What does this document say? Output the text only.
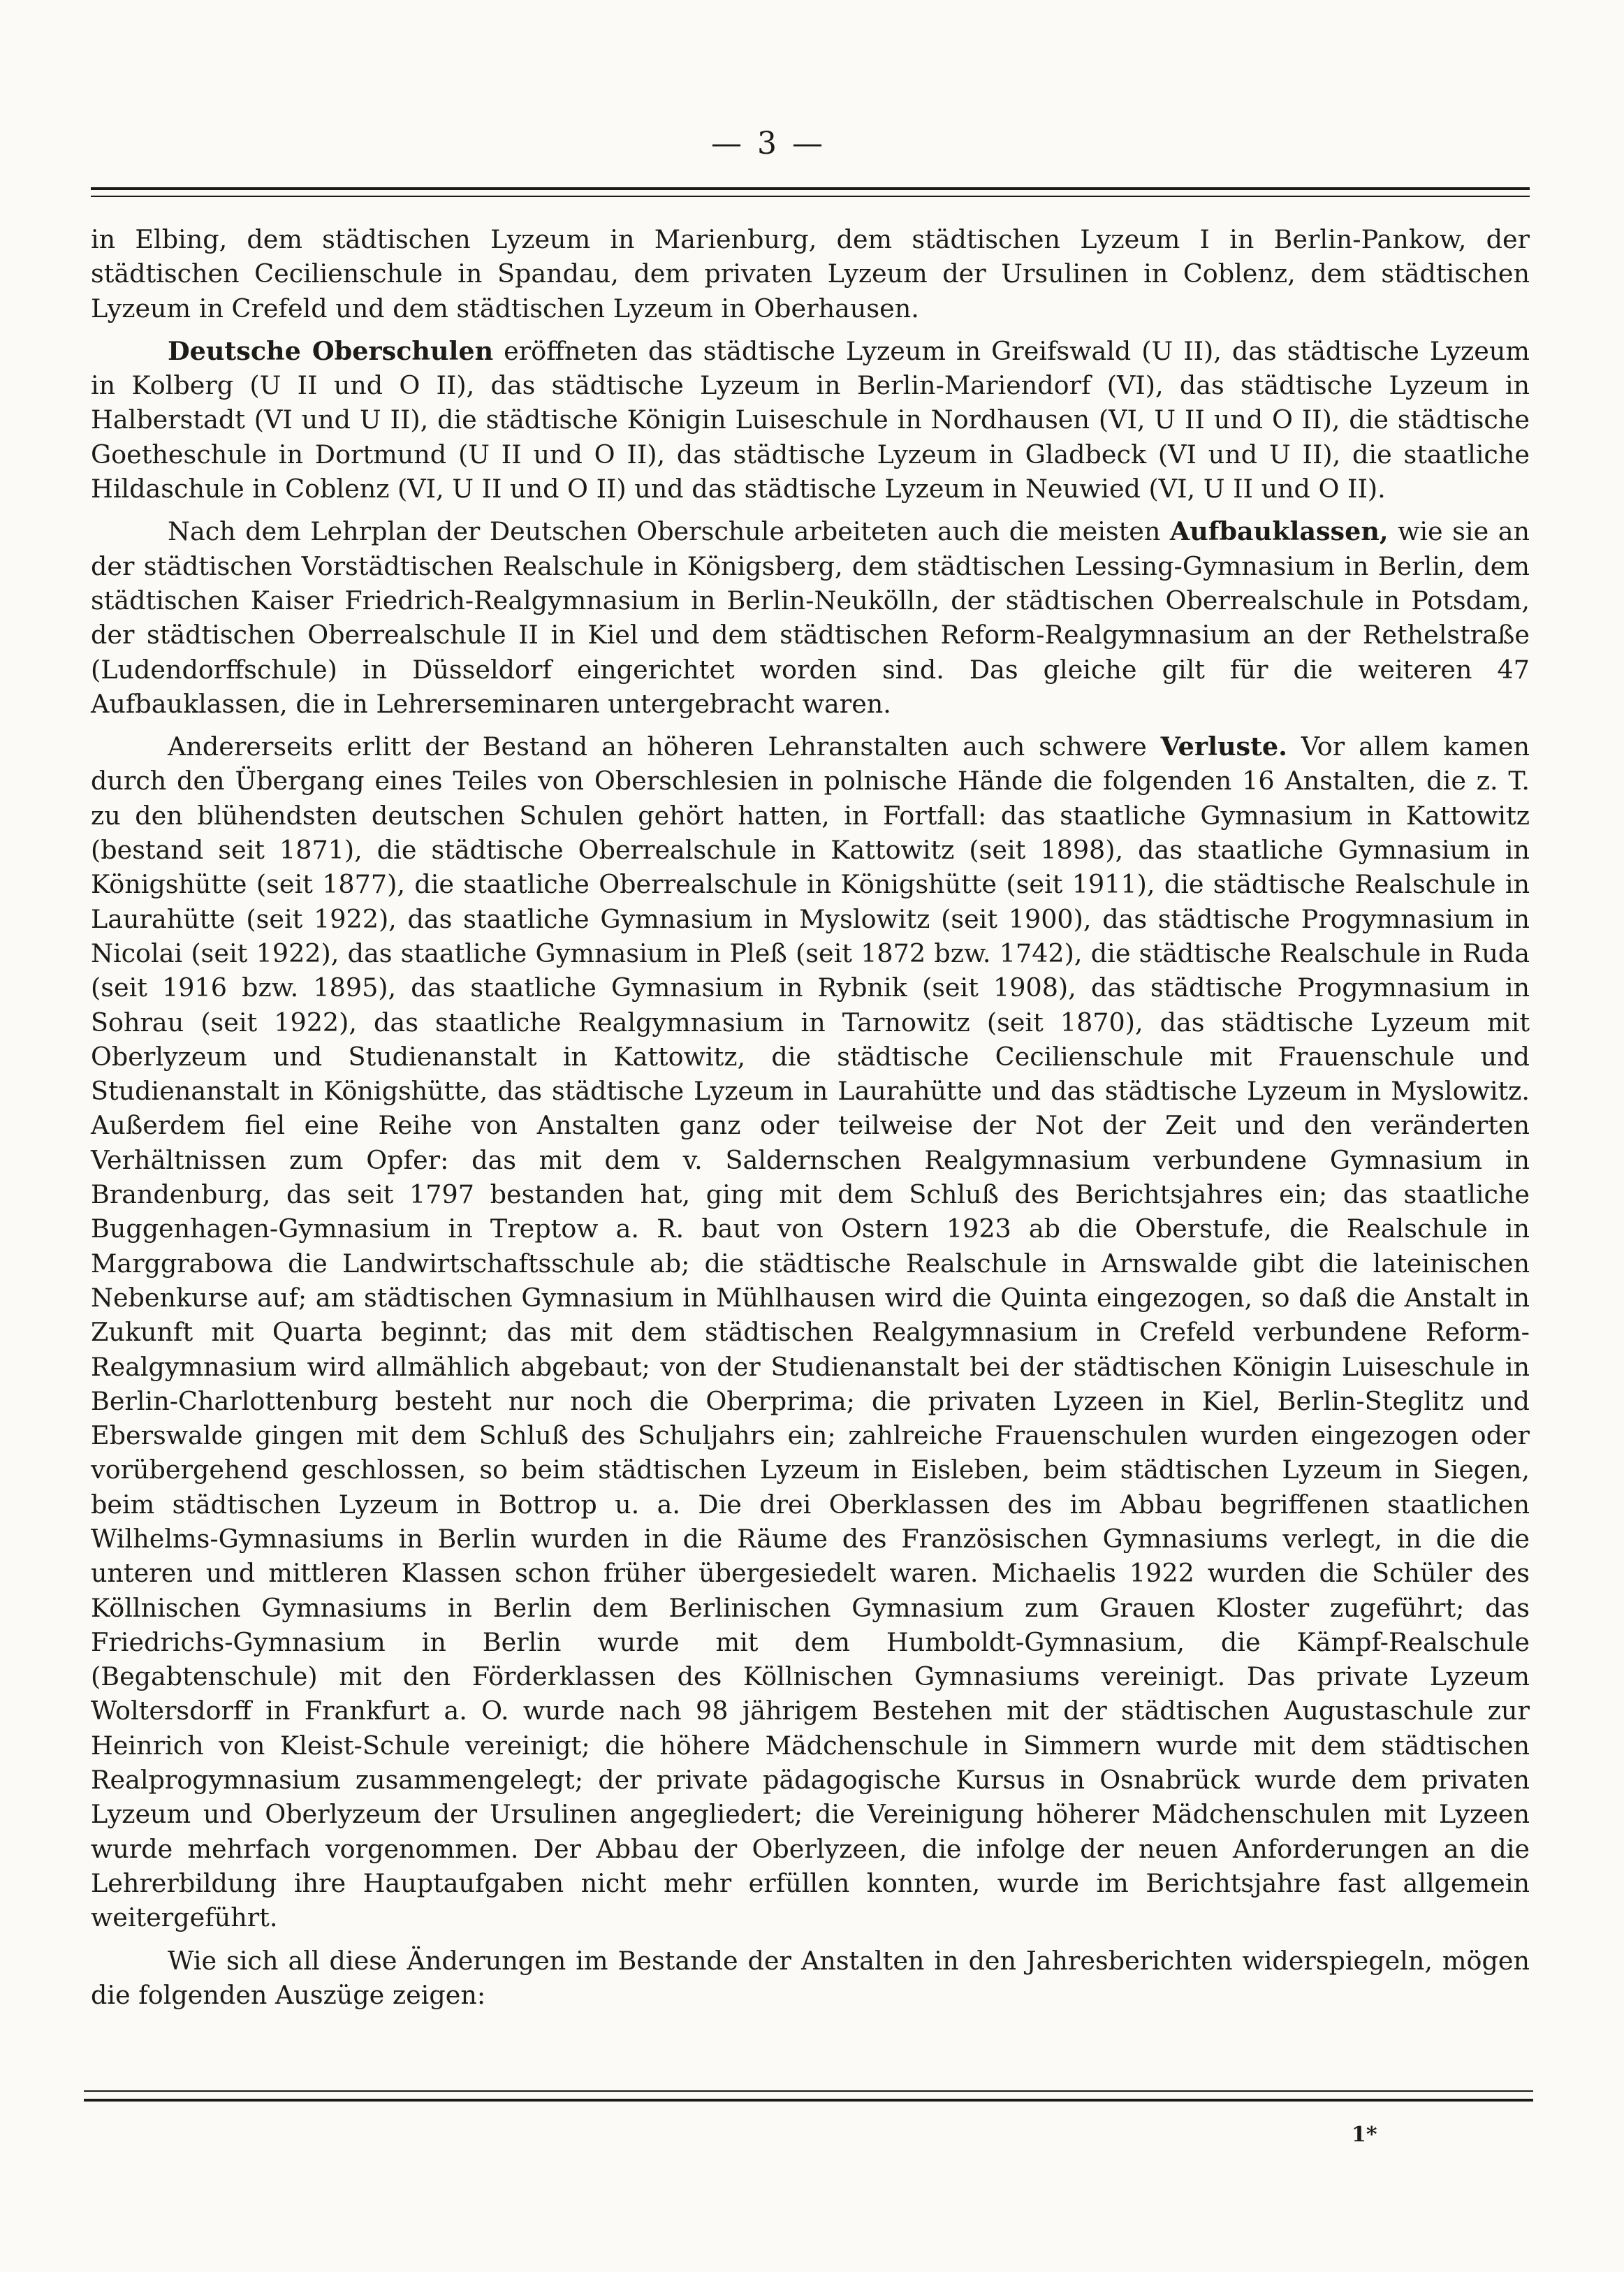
— 3 —

in Elbing, dem städtischen Lyzeum in Marienburg, dem städtischen Lyzeum I in Berlin-Pankow, der städtischen Cecilienschule in Spandau, dem privaten Lyzeum der Ursulinen in Coblenz, dem städtischen Lyzeum in Crefeld und dem städtischen Lyzeum in Oberhausen.

Deutsche Oberschulen eröffneten das städtische Lyzeum in Greifswald (U II), das städtische Lyzeum in Kolberg (U II und O II), das städtische Lyzeum in Berlin-Mariendorf (VI), das städtische Lyzeum in Halberstadt (VI und U II), die städtische Königin Luiseschule in Nordhausen (VI, U II und O II), die städtische Goetheschule in Dortmund (U II und O II), das städtische Lyzeum in Gladbeck (VI und U II), die staatliche Hildaschule in Coblenz (VI, U II und O II) und das städtische Lyzeum in Neuwied (VI, U II und O II).

Nach dem Lehrplan der Deutschen Oberschule arbeiteten auch die meisten Aufbauklassen, wie sie an der städtischen Vorstädtischen Realschule in Königsberg, dem städtischen Lessing-Gymnasium in Berlin, dem städtischen Kaiser Friedrich-Realgymnasium in Berlin-Neukölln, der städtischen Oberrealschule in Potsdam, der städtischen Oberrealschule II in Kiel und dem städtischen Reform-Realgymnasium an der Rethelstraße (Ludendorffschule) in Düsseldorf eingerichtet worden sind. Das gleiche gilt für die weiteren 47 Aufbauklassen, die in Lehrerseminaren untergebracht waren.

Andererseits erlitt der Bestand an höheren Lehranstalten auch schwere Verluste. Vor allem kamen durch den Übergang eines Teiles von Oberschlesien in polnische Hände die folgenden 16 Anstalten, die z. T. zu den blühendsten deutschen Schulen gehört hatten, in Fortfall: das staatliche Gymnasium in Kattowitz (bestand seit 1871), die städtische Oberrealschule in Kattowitz (seit 1898), das staatliche Gymnasium in Königshütte (seit 1877), die staatliche Oberrealschule in Königshütte (seit 1911), die städtische Realschule in Laurahütte (seit 1922), das staatliche Gymnasium in Myslowitz (seit 1900), das städtische Progymnasium in Nicolai (seit 1922), das staatliche Gymnasium in Pleß (seit 1872 bzw. 1742), die städtische Realschule in Ruda (seit 1916 bzw. 1895), das staatliche Gymnasium in Rybnik (seit 1908), das städtische Progymnasium in Sohrau (seit 1922), das staatliche Realgymnasium in Tarnowitz (seit 1870), das städtische Lyzeum mit Oberlyzeum und Studienanstalt in Kattowitz, die städtische Cecilienschule mit Frauenschule und Studienanstalt in Königshütte, das städtische Lyzeum in Laurahütte und das städtische Lyzeum in Myslowitz. Außerdem fiel eine Reihe von Anstalten ganz oder teilweise der Not der Zeit und den veränderten Verhältnissen zum Opfer: das mit dem v. Saldernschen Realgymnasium verbundene Gymnasium in Brandenburg, das seit 1797 bestanden hat, ging mit dem Schluß des Berichtsjahres ein; das staatliche Buggenhagen-Gymnasium in Treptow a. R. baut von Ostern 1923 ab die Oberstufe, die Realschule in Marggrabowa die Landwirtschaftsschule ab; die städtische Realschule in Arnswalde gibt die lateinischen Nebenkurse auf; am städtischen Gymnasium in Mühlhausen wird die Quinta eingezogen, so daß die Anstalt in Zukunft mit Quarta beginnt; das mit dem städtischen Realgymnasium in Crefeld verbundene Reform-Realgymnasium wird allmählich abgebaut; von der Studienanstalt bei der städtischen Königin Luiseschule in Berlin-Charlottenburg besteht nur noch die Oberprima; die privaten Lyzeen in Kiel, Berlin-Steglitz und Eberswalde gingen mit dem Schluß des Schuljahrs ein; zahlreiche Frauenschulen wurden eingezogen oder vorübergehend geschlossen, so beim städtischen Lyzeum in Eisleben, beim städtischen Lyzeum in Siegen, beim städtischen Lyzeum in Bottrop u. a. Die drei Oberklassen des im Abbau begriffenen staatlichen Wilhelms-Gymnasiums in Berlin wurden in die Räume des Französischen Gymnasiums verlegt, in die die unteren und mittleren Klassen schon früher übergesiedelt waren. Michaelis 1922 wurden die Schüler des Köllnischen Gymnasiums in Berlin dem Berlinischen Gymnasium zum Grauen Kloster zugeführt; das Friedrichs-Gymnasium in Berlin wurde mit dem Humboldt-Gymnasium, die Kämpf-Realschule (Begabtenschule) mit den Förderklassen des Köllnischen Gymnasiums vereinigt. Das private Lyzeum Woltersdorff in Frankfurt a. O. wurde nach 98 jährigem Bestehen mit der städtischen Augustaschule zur Heinrich von Kleist-Schule vereinigt; die höhere Mädchenschule in Simmern wurde mit dem städtischen Realprogymnasium zusammengelegt; der private pädagogische Kursus in Osnabrück wurde dem privaten Lyzeum und Oberlyzeum der Ursulinen angegliedert; die Vereinigung höherer Mädchenschulen mit Lyzeen wurde mehrfach vorgenommen. Der Abbau der Oberlyzeen, die infolge der neuen Anforderungen an die Lehrerbildung ihre Hauptaufgaben nicht mehr erfüllen konnten, wurde im Berichtsjahre fast allgemein weitergeführt.

Wie sich all diese Änderungen im Bestande der Anstalten in den Jahresberichten widerspiegeln, mögen die folgenden Auszüge zeigen:

1*
